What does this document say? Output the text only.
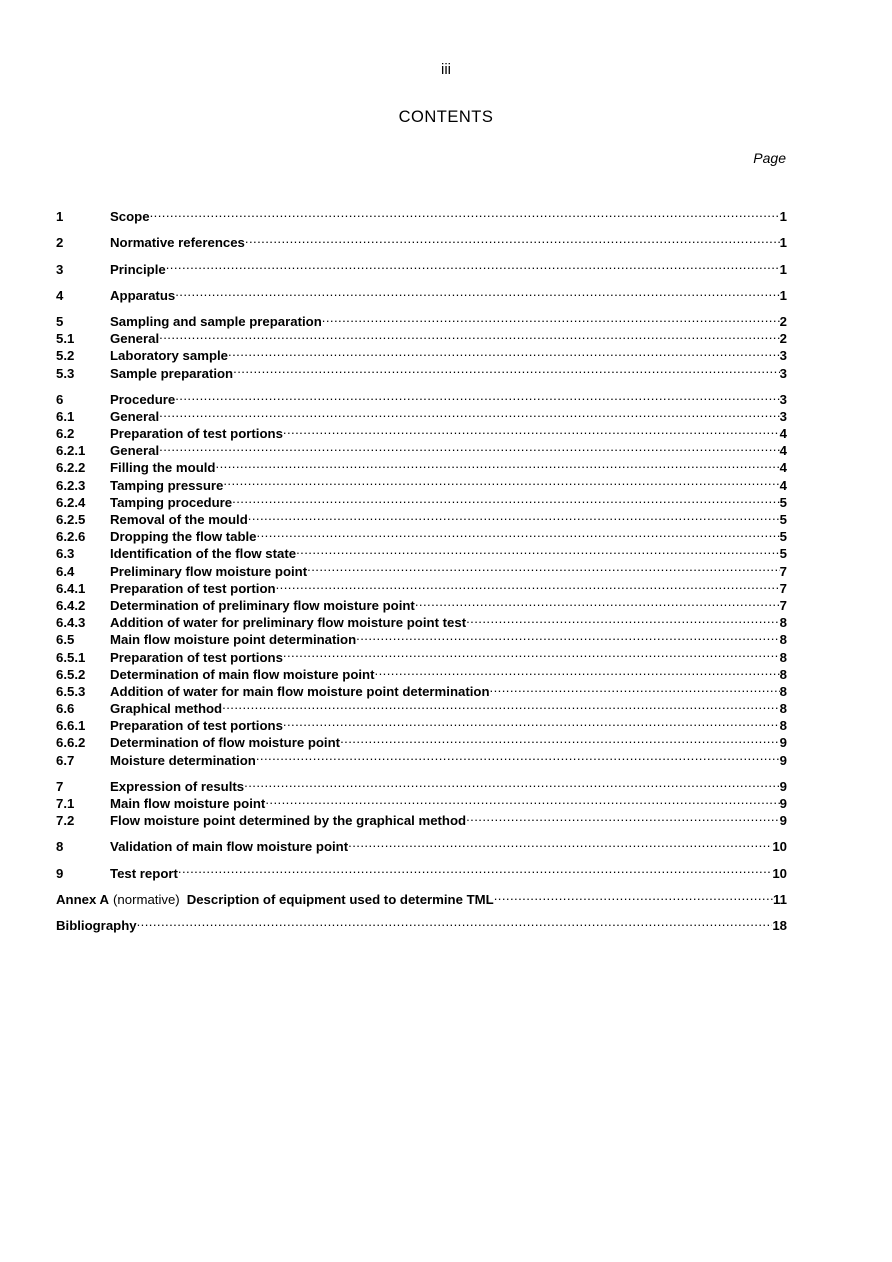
iii
CONTENTS
Page
1	Scope .....	1
2	Normative references .....	1
3	Principle .....	1
4	Apparatus .....	1
5	Sampling and sample preparation .....	2
5.1	General .....	2
5.2	Laboratory sample .....	3
5.3	Sample preparation .....	3
6	Procedure .....	3
6.1	General .....	3
6.2	Preparation of test portions .....	4
6.2.1	General .....	4
6.2.2	Filling the mould .....	4
6.2.3	Tamping pressure .....	4
6.2.4	Tamping procedure .....	5
6.2.5	Removal of the mould .....	5
6.2.6	Dropping the flow table .....	5
6.3	Identification of the flow state .....	5
6.4	Preliminary flow moisture point .....	7
6.4.1	Preparation of test portion .....	7
6.4.2	Determination of preliminary flow moisture point .....	7
6.4.3	Addition of water for preliminary flow moisture point test .....	8
6.5	Main flow moisture point determination .....	8
6.5.1	Preparation of test portions .....	8
6.5.2	Determination of main flow moisture point .....	8
6.5.3	Addition of water for main flow moisture point determination .....	8
6.6	Graphical method .....	8
6.6.1	Preparation of test portions .....	8
6.6.2	Determination of flow moisture point .....	9
6.7	Moisture determination .....	9
7	Expression of results .....	9
7.1	Main flow moisture point .....	9
7.2	Flow moisture point determined by the graphical method .....	9
8	Validation of main flow moisture point .....	10
9	Test report .....	10
Annex A (normative) Description of equipment used to determine TML .....	11
Bibliography .....	18
